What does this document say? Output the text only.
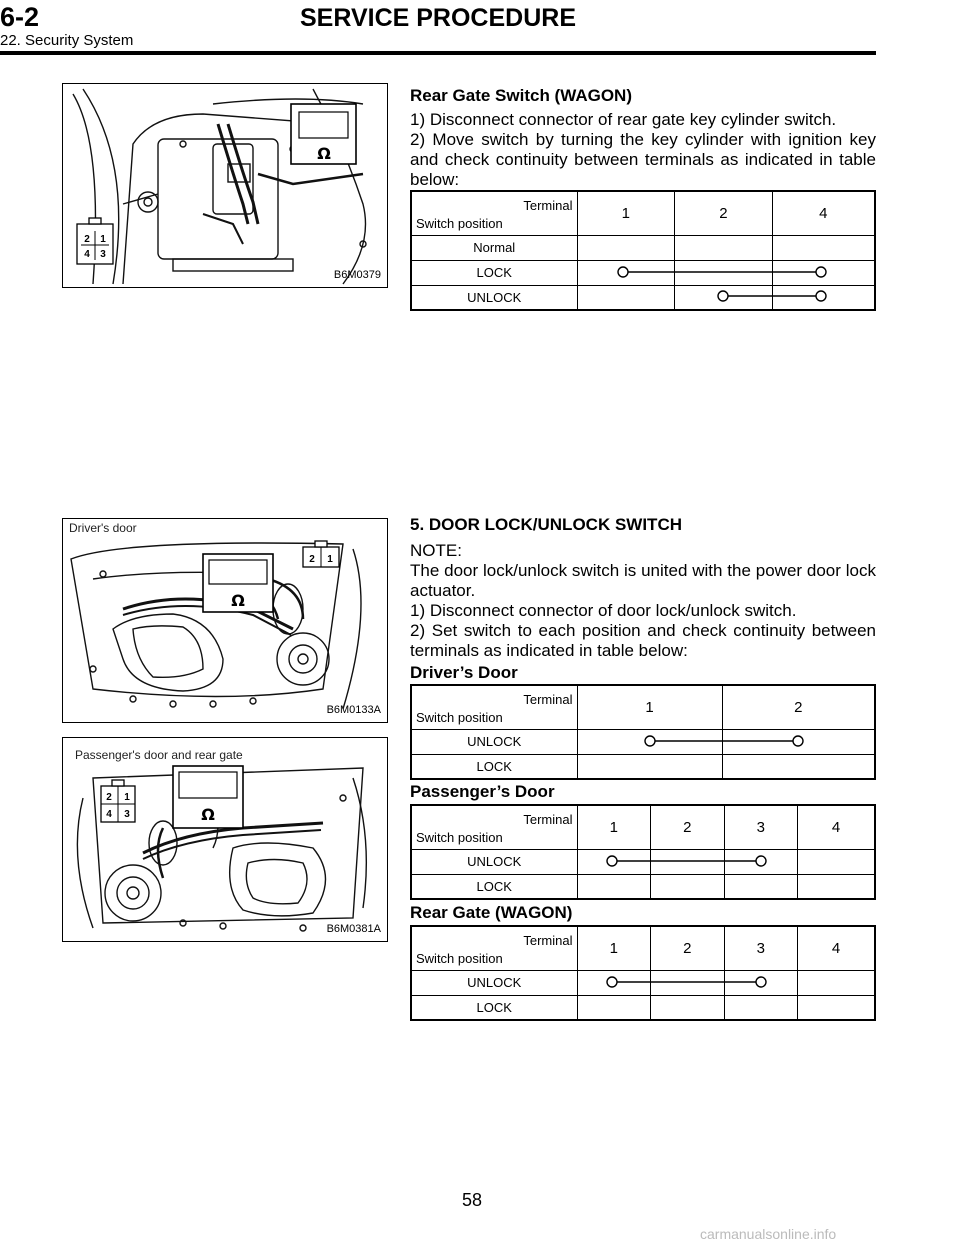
6-2	SERVICE PROCEDURE
22. Security System
Ω
2 1
4 3
B6M0379
Rear Gate Switch (WAGON)
1) Disconnect connector of rear gate key cylinder switch.
2) Move switch by turning the key cylinder with ignition key and check continuity between terminals as indicated in table below:
Terminal
Switch position	1	2	4
Normal			
LOCK			
UNLOCK			
Ω
2 1
Driver's door
B6M0133A
Ω
2 1
4 3
Passenger's door and rear gate
B6M0381A
5. DOOR LOCK/UNLOCK SWITCH
NOTE:
The door lock/unlock switch is united with the power door lock actuator.
1) Disconnect connector of door lock/unlock switch.
2) Set switch to each position and check continuity between terminals as indicated in table below:
Driver’s Door
Terminal
Switch position	1	2
UNLOCK		
LOCK		
Passenger’s Door
Terminal
Switch position	1	2	3	4
UNLOCK				
LOCK				
Rear Gate (WAGON)
Terminal
Switch position	1	2	3	4
UNLOCK				
LOCK				
58
carmanualsonline.info
